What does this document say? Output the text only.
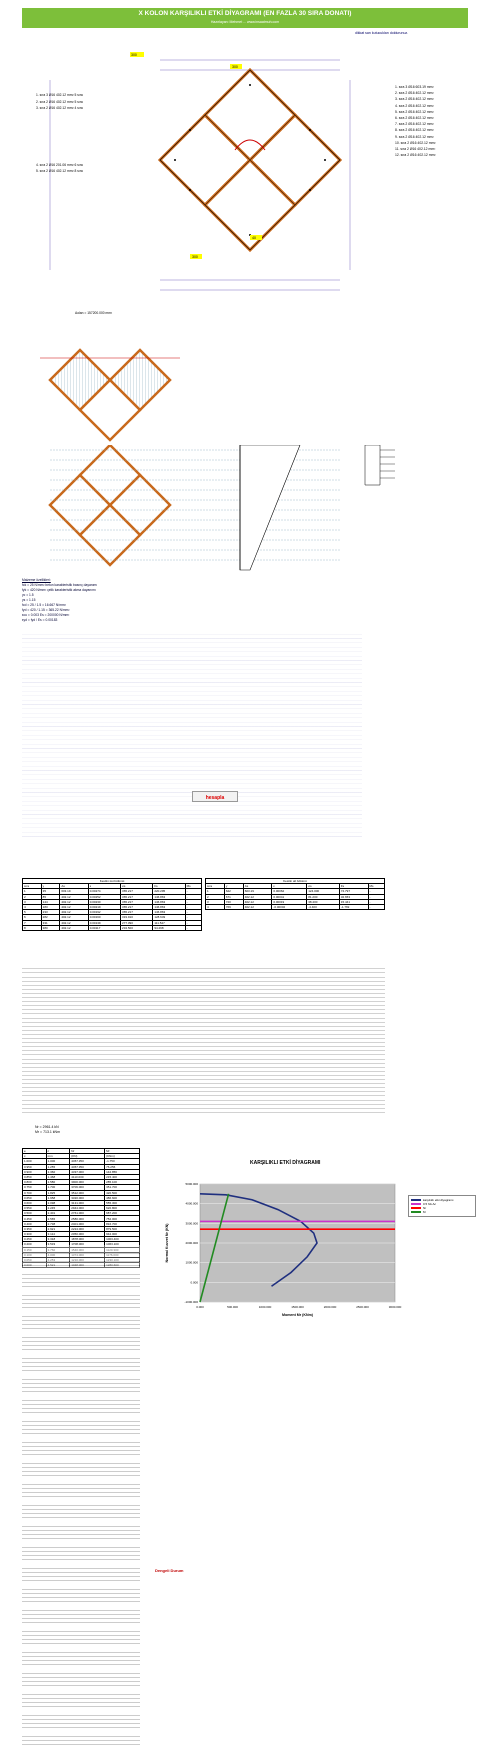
X KOLON KARŞILIKLI ETKİ DİYAGRAMI (EN FAZLA 30 SIRA DONATI)
Hazırlayan: Mehmet ... www.insaatmuh.com
dikkat sarı kutucukları doldurunuz.
300
300
40
300
1. sıra 3 Ø16 402.12 mm² 5 sıra
2. sıra 2 Ø16 402.12 mm² 5 sıra
3. sıra 2 Ø16 402.12 mm² 4 sıra
4. sıra 2 Ø16 201.06 mm² 6 sıra
5. sıra 2 Ø16 402.12 mm² 8 sıra
1. sıra 3 Ø16 603.19 mm²
2. sıra 2 Ø16 402.12 mm²
3. sıra 2 Ø16 402.12 mm²
4. sıra 2 Ø16 402.12 mm²
5. sıra 2 Ø16 402.12 mm²
6. sıra 2 Ø16 402.12 mm²
7. sıra 2 Ø16 402.12 mm²
8. sıra 2 Ø16 402.12 mm²
9. sıra 2 Ø16 402.12 mm²
10. sıra 2 Ø16 402.12 mm²
11. sıra 2 Ø16 402.12 mm²
12. sıra 2 Ø16 402.12 mm²
Aolan = 157200.000 mm²
Malzeme özellikleri:
fck = 25 N/mm² beton karakteristik basınç dayanımı
fyk = 420 N/mm² çelik karakteristik akma dayanımı
γc = 1.5
γs = 1.15
fcd = 25 / 1.5 = 16.667 N/mm²
fyd = 420 / 1.15 = 365.22 N/mm²
εcu = 0.003 Es = 200000 N/mm²
εyd = fyd / Es = 0.00183
hesapla
Kesitin üst bölümü						
sıra	y	As	ε	σs	Fs	Ms
1	35	603.19	0.00274	365.217	220.295	-
2	85	402.12	0.00252	365.217	146.863	-
3	144	402.12	0.00230	365.217	146.863	-
4	183	402.12	0.00219	365.217	146.863	-
5	233	402.12	0.00192	365.217	146.863	-
6	282	402.12	0.00160	319.910	128.649	-
7	331	402.12	0.00139	277.390	111.547	-
8	380	402.12	0.00117	234.500	94.298	-
Kesitin alt bölümü						
sıra	y	As	ε	σs	Fs	Ms
1	622	603.19	0.00062	124.000	74.797	-
2	671	402.12	0.00041	81.200	32.653	-
3	720	402.12	0.00019	38.400	15.441	-
4	769	402.12	-0.00002	-4.400	-1.769	-
Nr = 2961.4 kN
Mr = 713.1 kNm
e	c	Nr	Mr
c	mm	(KN)	(KNm)
1.000	1.000	4457.350	-1.750
0.950	1.255	4457.350	76.256
0.900	1.360	4337.000	142.856
0.850	1.468	4110.000	215.400
0.800	1.580	3900.000	285.100
0.750	1.700	3706.000	351.700
0.700	1.825	3512.000	420.500
0.650	1.958	3320.000	486.600
0.600	2.098	3131.000	555.300
0.550	2.245	2944.000	620.800
0.500	2.401	2761.000	687.200
0.450	2.565	2580.000	752.000
0.400	2.738	2401.000	816.700
0.350	2.921	2224.000	879.500
0.300	3.114	2050.000	942.000
0.250	3.318	1878.000	1003.400
0.200	3.533	1708.000	1063.100
0.150	3.760	1540.000	1120.300
0.100	4.000	1374.000	1176.000
0.050	4.253	1210.000	1230.100
0.000	4.521	1048.000	1280.600
Dengeli Durum
KARŞILIKLI ETKİ DİYAGRAMI
-1000.000
0.000
1000.000
2000.000
3000.000
4000.000
5000.000
0.000	500.000	1000.000	1500.000	2000.000	2500.000	3000.000
Moment Mr (KNm)
Normal Kuvvet Nr (KN)
karşılıklı etki diyagramı
0.5 fck Ac
Nr
M
